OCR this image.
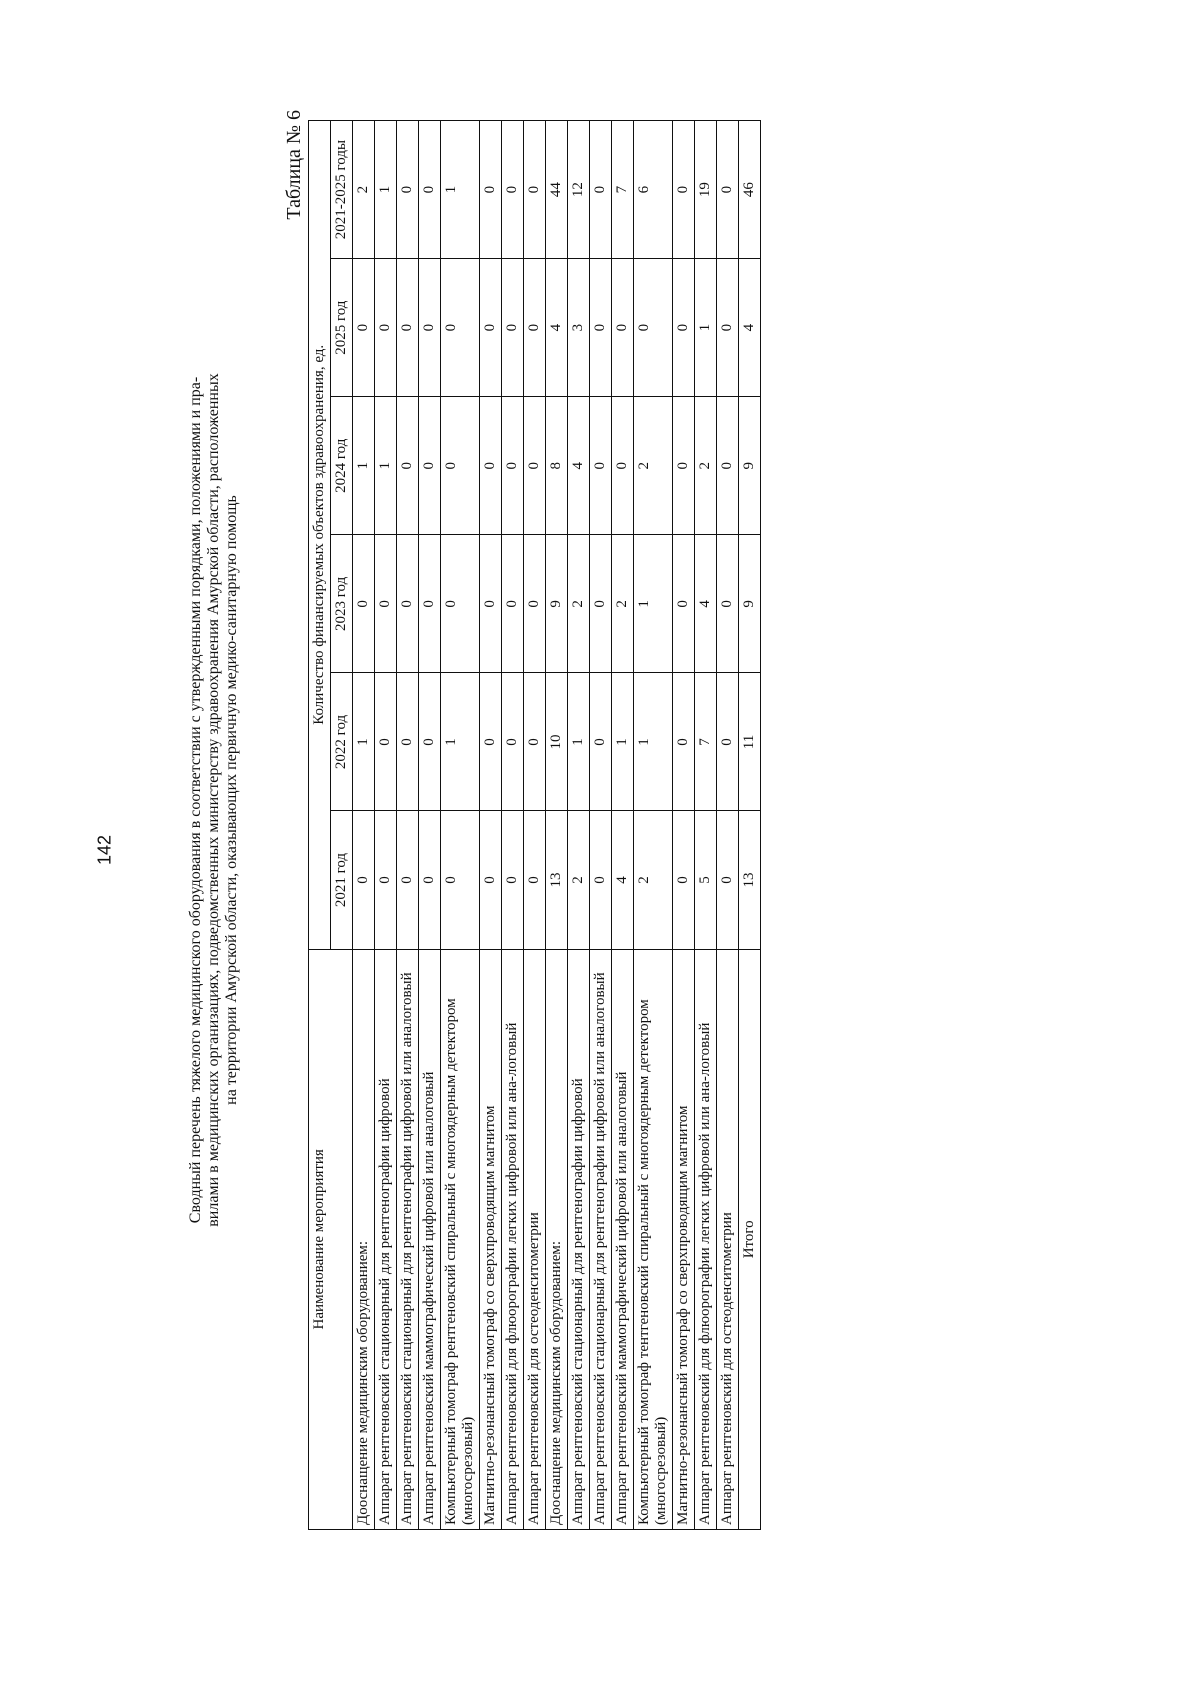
142	Сводный перечень тяжелого медицинского оборудования в соответствии с утвержденными порядками, положениями и пра- вилами в медицинских организациях, подведомственных министерству здравоохранения Амурской области, расположенных на территории Амурской области, оказывающих первичную медико-санитарную помощь
Таблица № 6
Наименование мероприятия	Количество финансируемых объектов здравоохранения, ед.					
	2021 год	2022 год	2023 год	2024 год	2025 год	2021-2025 годы
Дооснащение медицинским оборудованием:	0	1	0	1	0	2
Аппарат рентгеновский стационарный для рентгенографии цифровой	0	0	0	1	0	1
Аппарат рентгеновский стационарный для рентгенографии цифровой или аналоговый	0	0	0	0	0	0
Аппарат рентгеновский маммографический цифровой или аналоговый	0	0	0	0	0	0
Компьютерный томограф рентгеновский спиральный с многоядерным детектором (многосрезовый)	0	1	0	0	0	1
Магнитно-резонансный томограф со сверхпроводящим магнитом	0	0	0	0	0	0
Аппарат рентгеновский для флюорографии легких цифровой или ана-логовый	0	0	0	0	0	0
Аппарат рентгеновский для остеоденситометрии	0	0	0	0	0	0
Дооснащение медицинским оборудованием:	13	10	9	8	4	44
Аппарат рентгеновский стационарный для рентгенографии цифровой	2	1	2	4	3	12
Аппарат рентгеновский стационарный для рентгенографии цифровой или аналоговый	0	0	0	0	0	0
Аппарат рентгеновский маммографический цифровой или аналоговый	4	1	2	0	0	7
Компьютерный томограф тентгеновский спиральный с многоядерным детектором (многосрезовый)	2	1	1	2	0	6
Магнитно-резонансный томограф со сверхпроводящим магнитом	0	0	0	0	0	0
Аппарат рентгеновский для флюорографии легких цифровой или ана-логовый	5	7	4	2	1	19
Аппарат рентгеновский для остеоденситометрии	0	0	0	0	0	0
Итого	13	11	9	9	4	46
